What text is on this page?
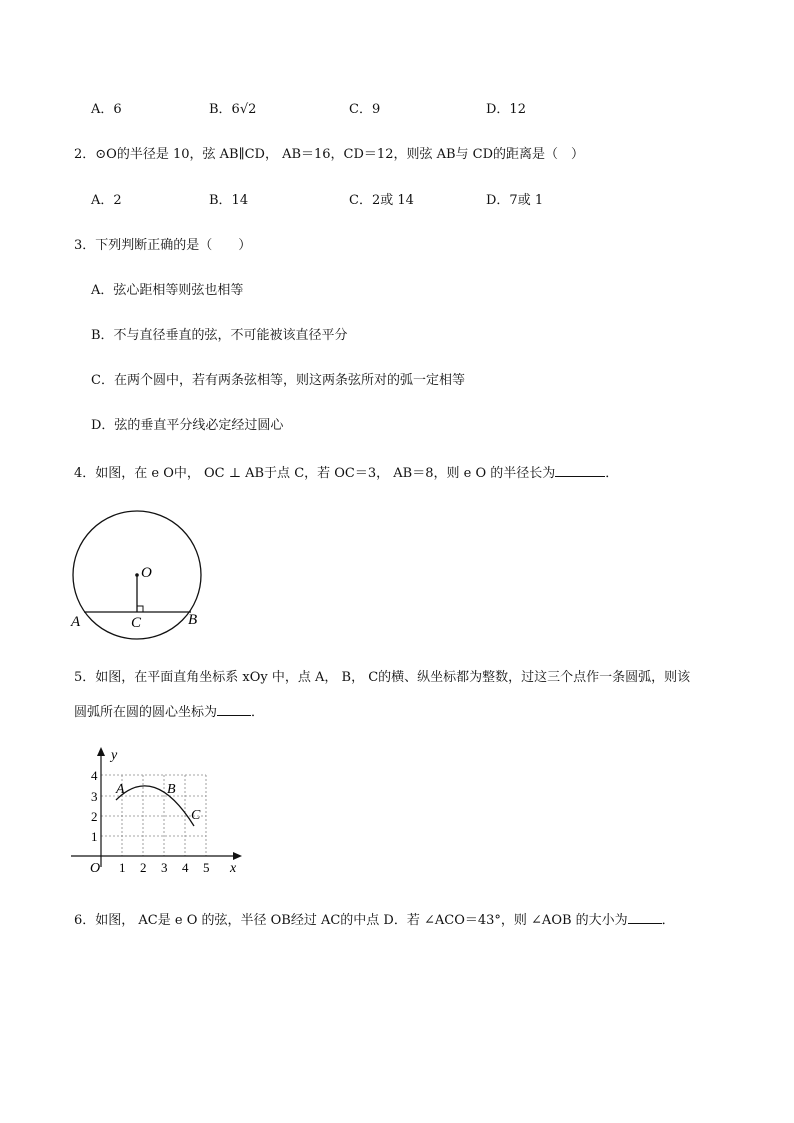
A．6	B．6√2	C．9	D．12
2．⊙O的半径是 10，弦 AB∥CD， AB＝16，CD＝12，则弦 AB与 CD的距离是（　）
A．2	B．14	C．2或 14	D．7或 1
3．下列判断正确的是（　　）
A．弦心距相等则弦也相等
B．不与直径垂直的弦，不可能被该直径平分
C．在两个圆中，若有两条弦相等，则这两条弦所对的弧一定相等
D．弦的垂直平分线必定经过圆心
4．如图，在 e O中， OC ⊥ AB于点 C，若 OC＝3， AB＝8，则 e O 的半径长为	．
O
A	C	B
5．如图，在平面直角坐标系 xOy 中，点 A， B， C的横、纵坐标都为整数，过这三个点作一条圆弧，则该
圆弧所在圆的圆心坐标为	．
y
x
O 1 2 3 4 5
1
2
3
4
A	B
C
6．如图， AC是 e O 的弦，半径 OB经过 AC的中点 D．若 ∠ACO＝43°，则 ∠AOB 的大小为	．
